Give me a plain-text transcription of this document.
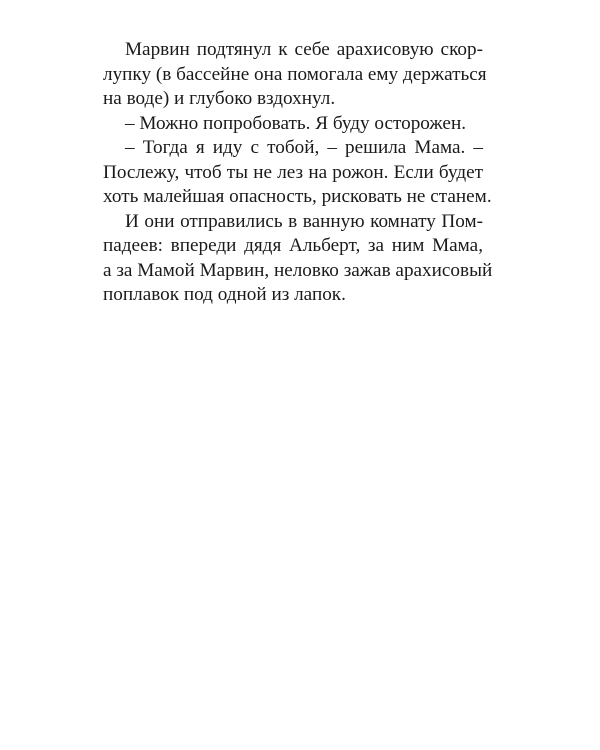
Марвин подтянул к себе арахисовую скор-
лупку (в бассейне она помогала ему держаться
на воде) и глубоко вздохнул.
– Можно попробовать. Я буду осторожен.
– Тогда я иду с тобой, – решила Мама. –
Послежу, чтоб ты не лез на рожон. Если будет
хоть малейшая опасность, рисковать не станем.
И они отправились в ванную комнату Пом-
падеев: впереди дядя Альберт, за ним Мама,
а за Мамой Марвин, неловко зажав арахисовый
поплавок под одной из лапок.
